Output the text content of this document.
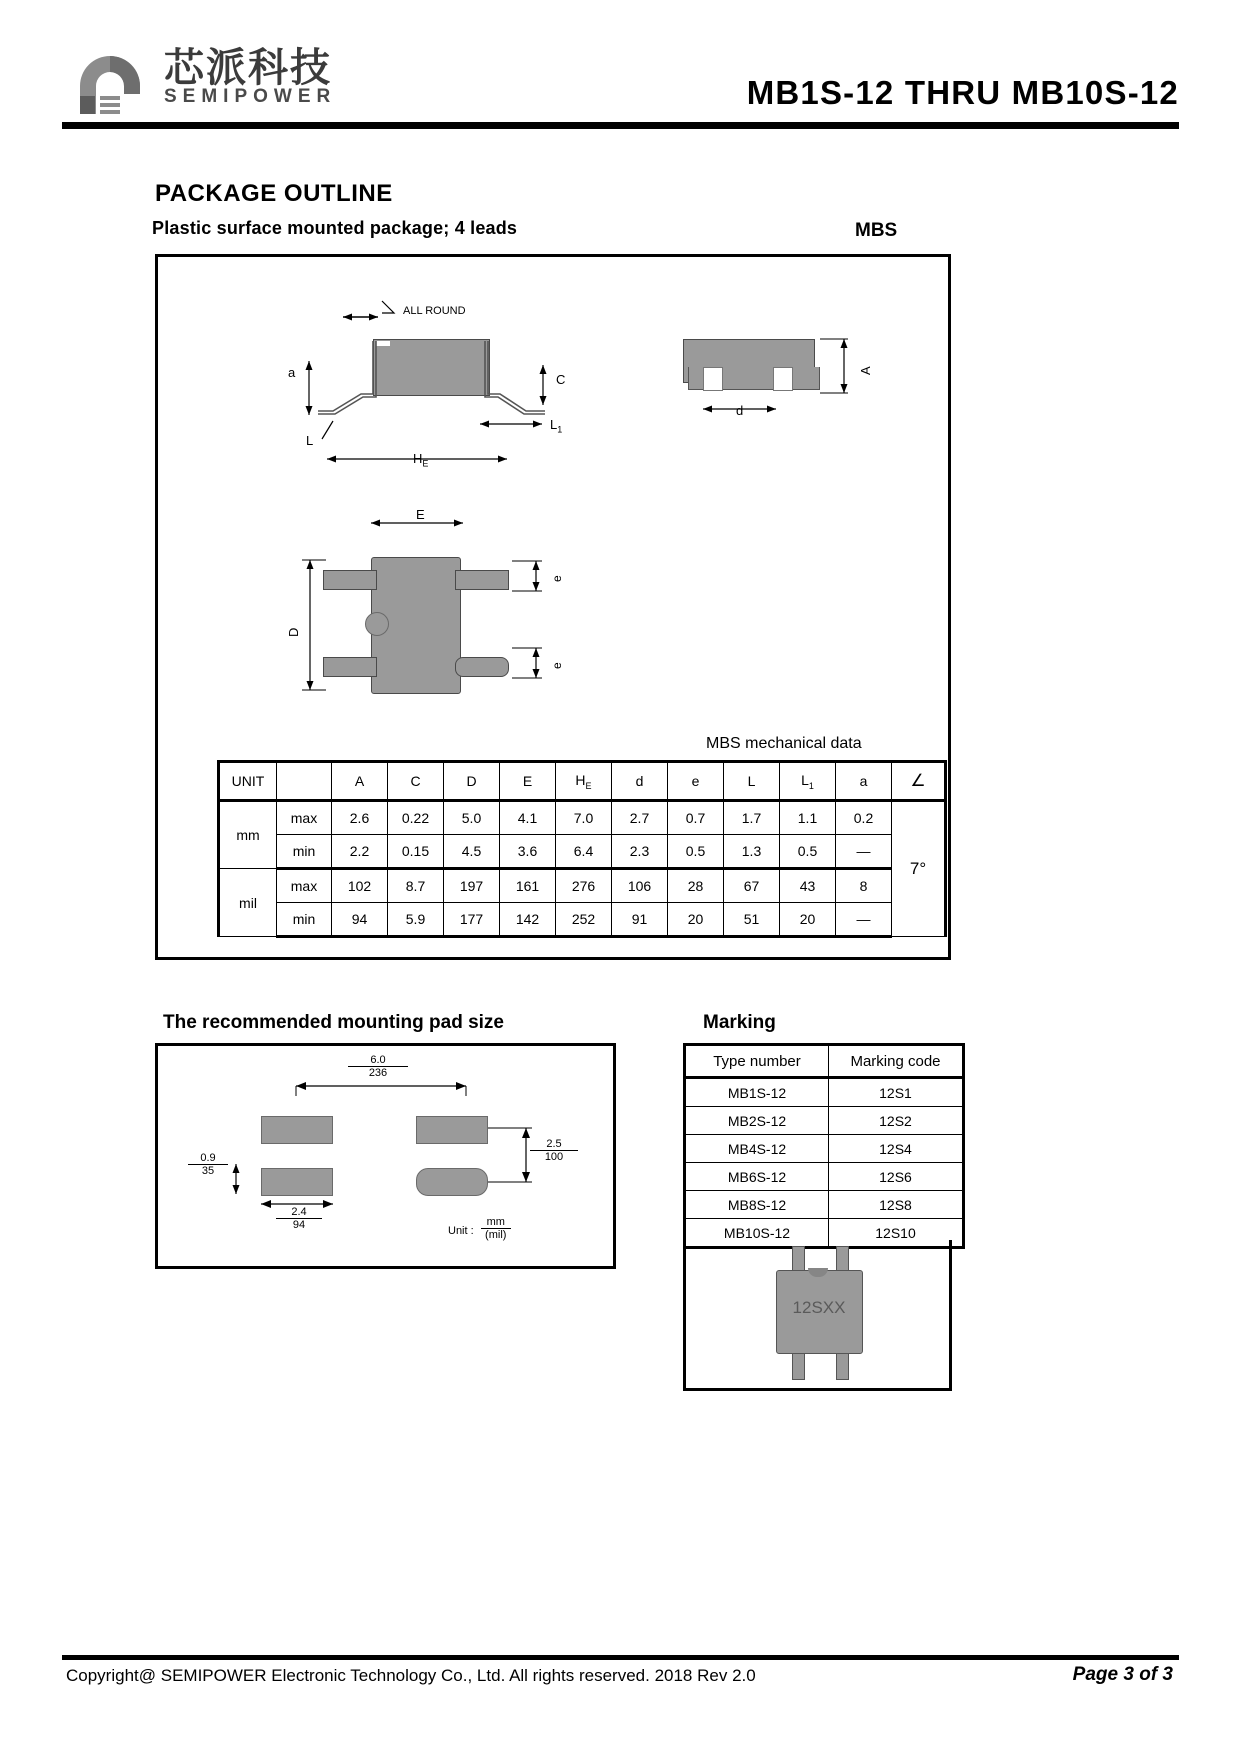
芯派科技
SEMIPOWER	MB1S-12 THRU MB10S-12
PACKAGE OUTLINE
Plastic surface mounted package; 4 leads	MBS
ALL ROUND
a	C
$L_1$
L
$H_E$
A
d
E
D
e
e
MBS mechanical data
UNIT		A	C	D	E	$H_E$	d	e	L	$L_1$	a	∠
mm	max	2.6	0.22	5.0	4.1	7.0	2.7	0.7	1.7	1.1	0.2	7°
	min	2.2	0.15	4.5	3.6	6.4	2.3	0.5	1.3	0.5	—	
mil	max	102	8.7	197	161	276	106	28	67	43	8	
	min	94	5.9	177	142	252	91	20	51	20	—	
The recommended mounting pad size
$\frac{6.0}{236}$
$\frac{2.5}{100}$
$\frac{0.9}{35}$
$\frac{2.4}{94}$	Unit : $\frac{mm}{\text{(mil)}}$
Marking
Type number	Marking code
MB1S-12	12S1
MB2S-12	12S2
MB4S-12	12S4
MB6S-12	12S6
MB8S-12	12S8
MB10S-12	12S10
12SXX
Copyright@ SEMIPOWER Electronic Technology Co., Ltd. All rights reserved. 2018 Rev 2.0	Page 3 of 3
